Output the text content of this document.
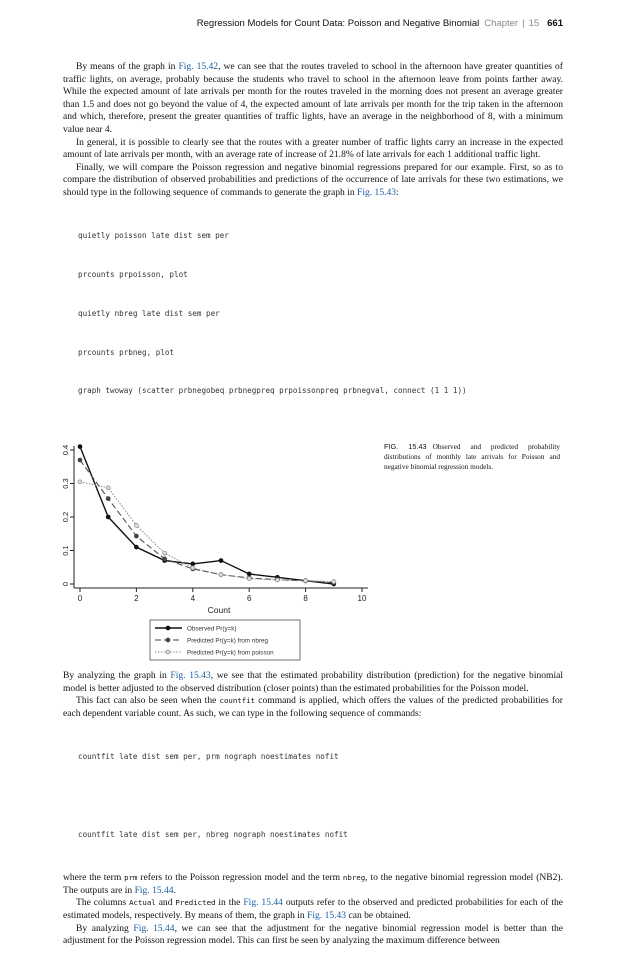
Regression Models for Count Data: Poisson and Negative Binomial Chapter | 15 661

By means of the graph in Fig. 15.42, we can see that the routes traveled to school in the afternoon have greater quantities of traffic lights, on average, probably because the students who travel to school in the afternoon leave from points farther away. While the expected amount of late arrivals per month for the routes traveled in the morning does not present an average greater than 1.5 and does not go beyond the value of 4, the expected amount of late arrivals per month for the trip taken in the afternoon and which, therefore, present the greater quantities of traffic lights, have an average in the neighborhood of 8, with a minimum value near 4.

In general, it is possible to clearly see that the routes with a greater number of traffic lights carry an increase in the expected amount of late arrivals per month, with an average rate of increase of 21.8% of late arrivals for each 1 additional traffic light.

Finally, we will compare the Poisson regression and negative binomial regressions prepared for our example. First, so as to compare the distribution of observed probabilities and predictions of the occurrence of late arrivals for these two estimations, we should type in the following sequence of commands to generate the graph in Fig. 15.43:

quietly poisson late dist sem per

prcounts prpoisson, plot

quietly nbreg late dist sem per

prcounts prbneg, plot

graph twoway (scatter prbnegobeq prbnegpreq prpoissonpreq prbnegval, connect (1 1 1))

0	2	4	6	8	10
0
0.1
0.2
0.3
0.4
Count
Observed Pr(y=k)
Predicted Pr(y=k) from nbreg
Predicted Pr(y=k) from poisson
FIG. 15.43 Observed and predicted probability distributions of monthly late arrivals for Poisson and negative binomial regression models.

By analyzing the graph in Fig. 15.43, we see that the estimated probability distribution (prediction) for the negative binomial model is better adjusted to the observed distribution (closer points) than the estimated probabilities for the Poisson model.

This fact can also be seen when the countfit command is applied, which offers the values of the predicted probabilities for each dependent variable count. As such, we can type in the following sequence of commands:

countfit late dist sem per, prm nograph noestimates nofit

countfit late dist sem per, nbreg nograph noestimates nofit

where the term prm refers to the Poisson regression model and the term nbreg, to the negative binomial regression model (NB2). The outputs are in Fig. 15.44.

The columns Actual and Predicted in the Fig. 15.44 outputs refer to the observed and predicted probabilities for each of the estimated models, respectively. By means of them, the graph in Fig. 15.43 can be obtained.

By analyzing Fig. 15.44, we can see that the adjustment for the negative binomial regression model is better than the adjustment for the Poisson regression model. This can first be seen by analyzing the maximum difference between
